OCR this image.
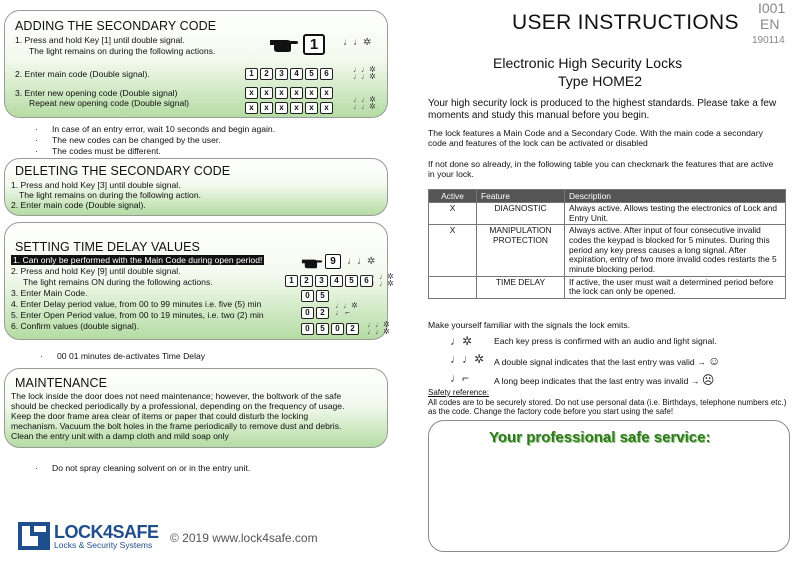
ADDING THE SECONDARY CODE
1. Press and hold Key [1] until double signal.
The light remains on during the following actions.
2. Enter main code (Double signal).
3. Enter new opening code (Double signal)
Repeat new opening code (Double signal)
1	♩♩✲
1	2	3	4	5	6	♩♩✲
♩♩✲
x	x	x	x	x	x
x	x	x	x	x	x
♩♩✲
♩♩✲
· In case of an entry error, wait 10 seconds and begin again.
· The new codes can be changed by the user.
· The codes must be different.
DELETING THE SECONDARY CODE
1. Press and hold Key [3] until double signal.
The light remains on during the following action.
2. Enter main code (Double signal).
SETTING TIME DELAY VALUES
1. Can only be performed with the Main Code during open period!
2. Press and hold Key [9] until double signal.
The light remains ON during the following actions.
3. Enter Main Code.
4. Enter Delay period value, from 00 to 99 minutes i.e. five (5) min
5. Enter Open Period value, from 00 to 19 minutes, i.e. two (2) min
6. Confirm values (double signal).
9	♩♩✲
1	2	3	4	5	6 ♩♩✲
♩♩✲
0	5
0	2
♩♩✲
♩ ⌐
0	5	0	2	♩♩✲
♩♩✲
· 00 01 minutes de-activates Time Delay
MAINTENANCE
The lock inside the door does not need maintenance; however, the boltwork of the safe
should be checked periodically by a professional, depending on the frequency of usage.
Keep the door frame area clear of items or paper that could disturb the locking
mechanism. Vacuum the bolt holes in the frame periodically to remove dust and debris.
Clean the entry unit with a damp cloth and mild soap only
· Do not spray cleaning solvent on or in the entry unit.
LOCK4SAFE
Locks & Security Systems © 2019 www.lock4safe.com
USER INSTRUCTIONS
I001
EN
190114
Electronic High Security Locks
Type HOME2
Your high security lock is produced to the highest standards. Please take a few
moments and study this manual before you begin.
The lock features a Main Code and a Secondary Code. With the main code a secondary
code and features of the lock can be activated or disabled
If not done so already, in the following table you can checkmark the features that are active
in your lock.
Active	Feature	Description
X	DIAGNOSTIC	Always active. Allows testing the electronics of Lock and Entry Unit.
X	MANIPULATION PROTECTION	Always active. After input of four consecutive invalid codes the keypad is blocked for 5 minutes. During this period any key press causes a long signal. After expiration, entry of two more invalid codes restarts the 5 minute blocking period.
	TIME DELAY	If active, the user must wait a determined period before the lock can only be opened.
Make yourself familiar with the signals the lock emits.
♩✲	Each key press is confirmed with an audio and light signal.
♩♩✲ A double signal indicates that the last entry was valid → ☺
♩⌐	A long beep indicates that the last entry was invalid → ☹
Safety reference:
All codes are to be securely stored. Do not use personal data (i.e. Birthdays, telephone numbers etc.)
as the code. Change the factory code before you start using the safe!
Your professional safe service:
